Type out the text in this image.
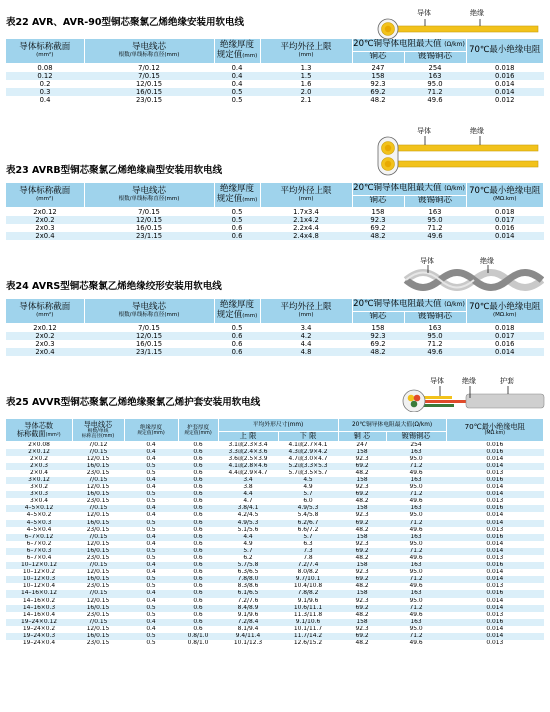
表22 AVR、AVR-90型铜芯聚氯乙烯绝缘安装用软电线
导体标称截面
(mm²)	导电线芯
根数/单线标称直径(mm)	绝缘厚度
规定值(mm)	平均外径上限
(mm)	20℃铜导体电阻最大值 (Ω/km)		70℃最小绝缘电阻

				铜芯	镀锡铜芯	
0.08	7/0.12	0.4	1.3	247	254	0.018
0.12	7/0.15	0.4	1.5	158	163	0.016
0.2	12/0.15	0.4	1.6	92.3	95.0	0.014
0.3	16/0.15	0.5	2.0	69.2	71.2	0.014
0.4	23/0.15	0.5	2.1	48.2	49.6	0.012
导体	绝缘
表23 AVRB型铜芯聚氯乙烯绝缘扁型安装用软电线
导体标称截面
(mm²)	导电线芯
根数/单线标称直径(mm)	绝缘厚度
规定值(mm)	平均外径上限
(mm)	20℃铜导体电阻最大值 (Ω/km)		70℃最小绝缘电阻
(MΩ.km)

				铜芯	镀锡铜芯	
2x0.12	7/0.15	0.5	1.7x3.4	158	163	0.018
2x0.2	12/0.15	0.5	2.1x4.2	92.3	95.0	0.017
2x0.3	16/0.15	0.6	2.2x4.4	69.2	71.2	0.016
2x0.4	23/1.15	0.6	2.4x4.8	48.2	49.6	0.014
导体	绝缘
表24 AVRS型铜芯聚氯乙烯绝缘绞形安装用软电线
导体标称截面
(mm²)	导电线芯
根数/单线标称直径(mm)	绝缘厚度
规定值(mm)	平均外径上限
(mm)	20℃铜导体电阻最大值 (Ω/km)		70℃最小绝缘电阻
(MΩ.km)

				铜芯	镀锡铜芯	
2x0.12	7/0.15	0.5	3.4	158	163	0.018
2x0.2	12/0.15	0.6	4.2	92.3	95.0	0.017
2x0.3	16/0.15	0.6	4.4	69.2	71.2	0.016
2x0.4	23/1.15	0.6	4.8	48.2	49.6	0.014
导体	绝缘
表25 AVVR型铜芯聚氯乙烯绝缘聚氯乙烯护套安装用软电线
导体芯数
标称截面(mm²)	导电线芯
根数/单线
标称直径(mm)	绝缘厚度
规定值(mm)	护套厚度
规定值(mm)	平均外形尺寸(mm)		20℃铜导体电阻最大值(Ω/km)		70℃最小绝缘电阻
(MΩ.km)

				上 限	下 限	铜 芯	镀锡铜芯	
2×0.08	7/0.12	0.4	0.6	3.1或2.3×3.4	4.1或2.7×4.1	247	254	0.016
2×0.12	7/0.15	0.4	0.6	3.3或2.4×3.6	4.3或2.9×4.2	158	163	0.016
2×0.2	12/0.15	0.4	0.6	3.6或2.5×3.9	4.7或3.0×4.7	92.3	95.0	0.014
2×0.3	16/0.15	0.5	0.6	4.1或2.8×4.6	5.2或3.3×5.3	69.2	71.2	0.014
2×0.4	23/0.15	0.5	0.6	4.4或2.9×4.7	5.7或3.5×5.7	48.2	49.6	0.013
3×0.12	7/0.15	0.4	0.6	3.4	4.5	158	163	0.016
3×0.2	12/0.15	0.4	0.6	3.8	4.9	92.3	95.0	0.014
3×0.3	16/0.15	0.5	0.6	4.4	5.7	69.2	71.2	0.014
3×0.4	23/0.15	0.5	0.6	4.7	6.0	48.2	49.6	0.013
4–5×0.12	7/0.15	0.4	0.6	3.8/4.1	4.9/5.3	158	163	0.016
4–5×0.2	12/0.15	0.4	0.6	4.2/4.5	5.4/5.8	92.3	95.0	0.014
4–5×0.3	16/0.15	0.5	0.6	4.9/5.3	6.2/6.7	69.2	71.2	0.014
4–5×0.4	23/0.15	0.5	0.6	5.1/5.6	6.6/7.2	48.2	49.6	0.013
6–7×0.12	7/0.15	0.4	0.6	4.4	5.7	158	163	0.016
6–7×0.2	12/0.15	0.4	0.6	4.9	6.3	92.3	95.0	0.014
6–7×0.3	16/0.15	0.5	0.6	5.7	7.3	69.2	71.2	0.014
6–7×0.4	23/0.15	0.5	0.6	6.2	7.8	48.2	49.6	0.013
10–12×0.12	7/0.15	0.4	0.6	5.7/5.8	7.2/7.4	158	163	0.016
10–12×0.2	12/0.15	0.4	0.6	6.3/6.5	8.0/8.2	92.3	95.0	0.014
10–12×0.3	16/0.15	0.5	0.6	7.8/8.0	9.7/10.1	69.2	71.2	0.014
10–12×0.4	23/0.15	0.5	0.6	8.3/8.6	10.4/10.8	48.2	49.6	0.013
14–16×0.12	7/0.15	0.4	0.6	6.1/6.5	7.8/8.2	158	163	0.016
14–16×0.2	12/0.15	0.4	0.6	7.2/7.6	9.1/9.6	92.3	95.0	0.014
14–16×0.3	16/0.15	0.5	0.6	8.4/8.9	10.6/11.1	69.2	71.2	0.014
14–16×0.4	23/0.15	0.5	0.6	9.1/9.6	11.3/11.8	48.2	49.6	0.013
19–24×0.12	7/0.15	0.4	0.6	7.2/8.4	9.1/10.6	158	163	0.016
19–24×0.2	12/0.15	0.4	0.6	8.1/9.4	10.1/11.7	92.3	95.0	0.014
19–24×0.3	16/0.15	0.5	0.8/1.0	9.4/11.4	11.7/14.2	69.2	71.2	0.014
19–24×0.4	23/0.15	0.5	0.8/1.0	10.1/12.3	12.6/15.2	48.2	49.6	0.013
导体	绝缘	护套
